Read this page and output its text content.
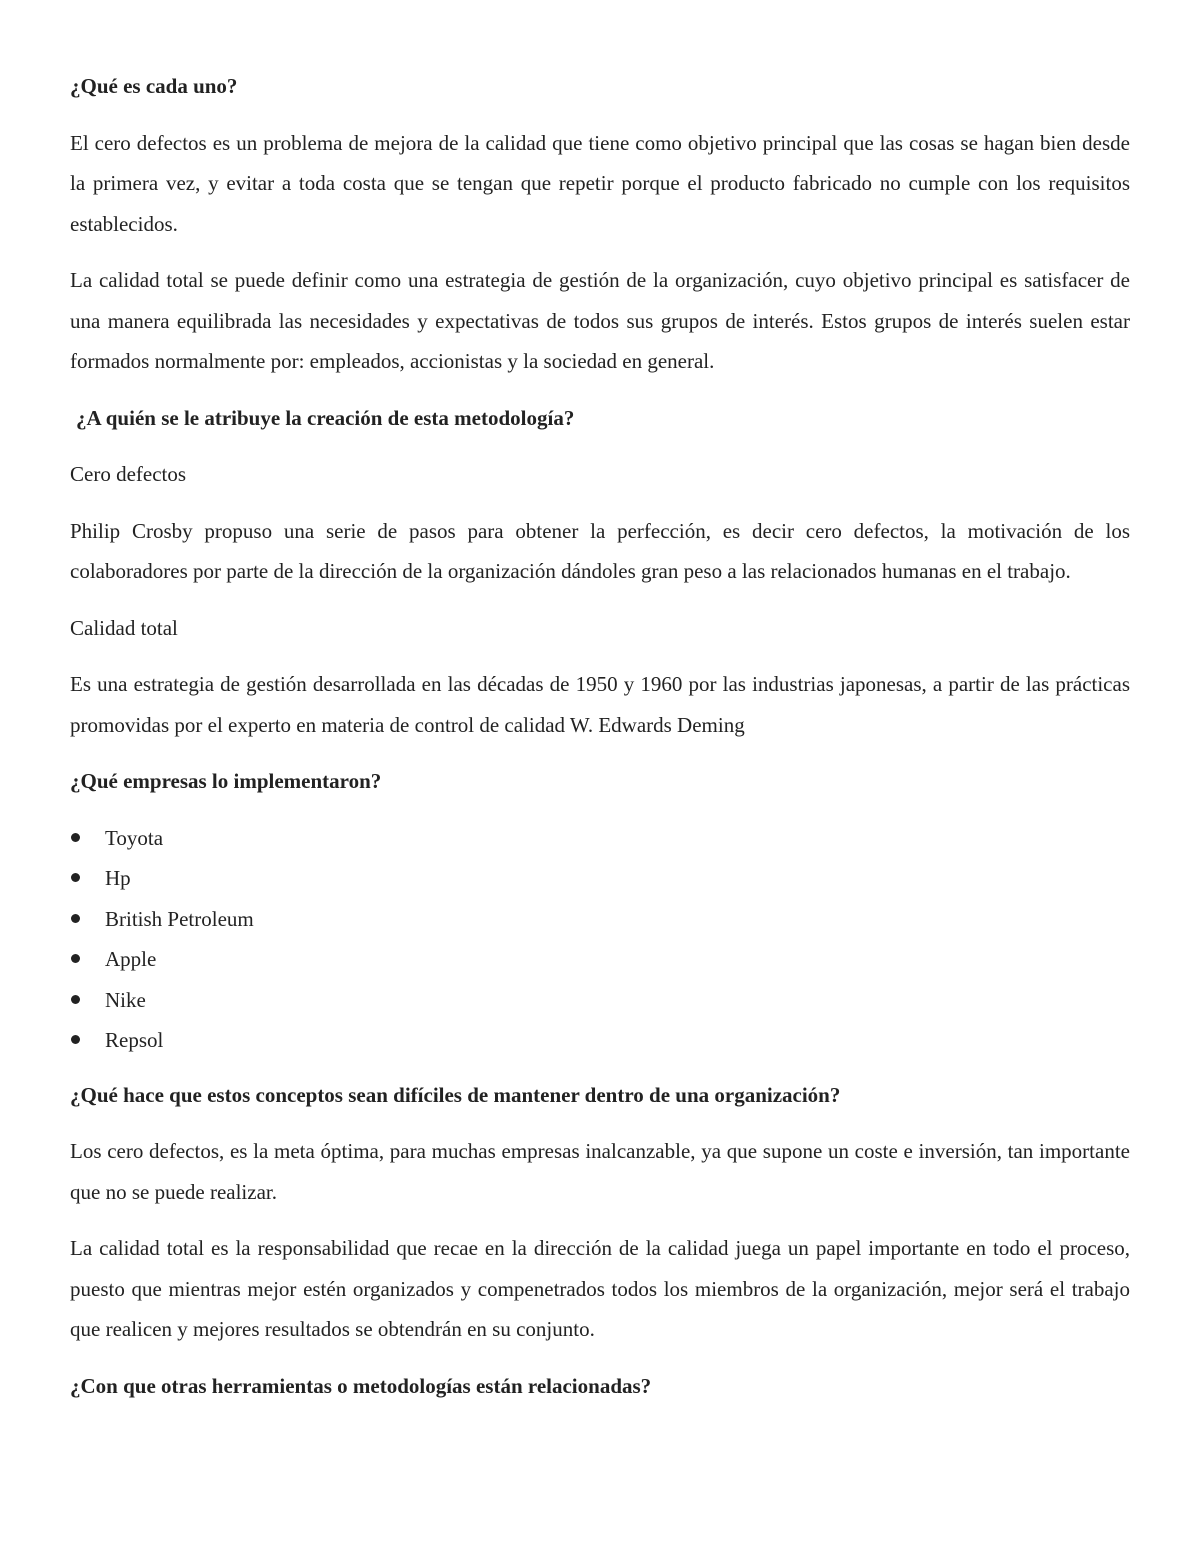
¿Qué es cada uno?

El cero defectos es un problema de mejora de la calidad que tiene como objetivo principal que las cosas se hagan bien desde la primera vez, y evitar a toda costa que se tengan que repetir porque el producto fabricado no cumple con los requisitos establecidos.

La calidad total se puede definir como una estrategia de gestión de la organización, cuyo objetivo principal es satisfacer de una manera equilibrada las necesidades y expectativas de todos sus grupos de interés. Estos grupos de interés suelen estar formados normalmente por: empleados, accionistas y la sociedad en general.

¿A quién se le atribuye la creación de esta metodología?

Cero defectos

Philip Crosby propuso una serie de pasos para obtener la perfección, es decir cero defectos, la motivación de los colaboradores por parte de la dirección de la organización dándoles gran peso a las relacionados humanas en el trabajo.

Calidad total

Es una estrategia de gestión desarrollada en las décadas de 1950 y 1960 por las industrias japonesas, a partir de las prácticas promovidas por el experto en materia de control de calidad W. Edwards Deming

¿Qué empresas lo implementaron?

Toyota
Hp
British Petroleum
Apple
Nike
Repsol

¿Qué hace que estos conceptos sean difíciles de mantener dentro de una organización?

Los cero defectos, es la meta óptima, para muchas empresas inalcanzable, ya que supone un coste e inversión, tan importante que no se puede realizar.

La calidad total es la responsabilidad que recae en la dirección de la calidad juega un papel importante en todo el proceso, puesto que mientras mejor estén organizados y compenetrados todos los miembros de la organización, mejor será el trabajo que realicen y mejores resultados se obtendrán en su conjunto.

¿Con que otras herramientas o metodologías están relacionadas?
